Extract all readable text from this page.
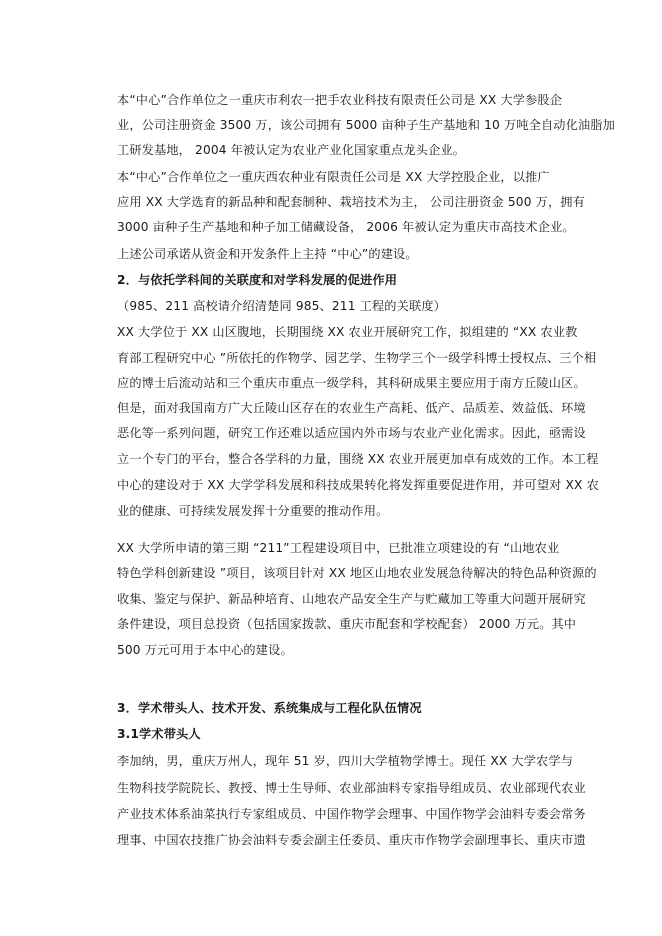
本“中心”合作单位之一重庆市利农一把手农业科技有限责任公司是 XX 大学参股企
业，公司注册资金 3500 万，该公司拥有 5000 亩种子生产基地和 10 万吨全自动化油脂加
工研发基地， 2004 年被认定为农业产业化国家重点龙头企业。
本“中心”合作单位之一重庆西农种业有限责任公司是 XX 大学控股企业，以推广
应用 XX 大学选育的新品种和配套制种、栽培技术为主， 公司注册资金 500 万，拥有
3000 亩种子生产基地和种子加工储藏设备， 2006 年被认定为重庆市高技术企业。
上述公司承诺从资金和开发条件上主持 “中心”的建设。
2．与依托学科间的关联度和对学科发展的促进作用
（985、211 高校请介绍清楚同 985、211 工程的关联度）
XX 大学位于 XX 山区腹地，长期围绕 XX 农业开展研究工作，拟组建的 “XX 农业教
育部工程研究中心 ”所依托的作物学、园艺学、生物学三个一级学科博士授权点、三个相
应的博士后流动站和三个重庆市重点一级学科，其科研成果主要应用于南方丘陵山区。
但是，面对我国南方广大丘陵山区存在的农业生产高耗、低产、品质差、效益低、环境
恶化等一系列问题，研究工作还难以适应国内外市场与农业产业化需求。因此，亟需设
立一个专门的平台，整合各学科的力量，围绕 XX 农业开展更加卓有成效的工作。本工程
中心的建设对于 XX 大学学科发展和科技成果转化将发挥重要促进作用，并可望对 XX 农
业的健康、可持续发展发挥十分重要的推动作用。
XX 大学所申请的第三期 “211”工程建设项目中，已批准立项建设的有 “山地农业
特色学科创新建设 ”项目，该项目针对 XX 地区山地农业发展急待解决的特色品种资源的
收集、鉴定与保护、新品种培育、山地农产品安全生产与贮藏加工等重大问题开展研究
条件建设，项目总投资（包括国家拨款、重庆市配套和学校配套） 2000 万元。其中
500 万元可用于本中心的建设。
3．学术带头人、技术开发、系统集成与工程化队伍情况
3.1学术带头人
李加纳，男，重庆万州人，现年 51 岁，四川大学植物学博士。现任 XX 大学农学与
生物科技学院院长、教授、博士生导师、农业部油料专家指导组成员、农业部现代农业
产业技术体系油菜执行专家组成员、中国作物学会理事、中国作物学会油料专委会常务
理事、中国农技推广协会油料专委会副主任委员、重庆市作物学会副理事长、重庆市遗
